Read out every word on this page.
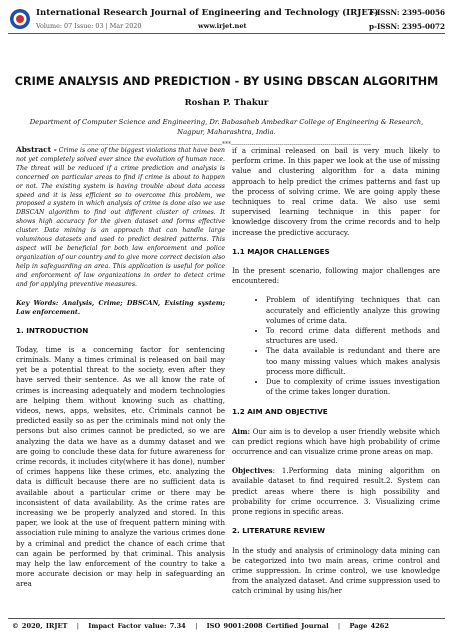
International Research Journal of Engineering and Technology (IRJET)
e-ISSN: 2395-0056
Volume: 07 Issue: 03 | Mar 2020	www.irjet.net	p-ISSN: 2395-0072
CRIME ANALYSIS AND PREDICTION - BY USING DBSCAN ALGORITHM
Roshan P. Thakur
Department of Computer Science and Engineering, Dr. Babasaheb Ambedkar College of Engineering & Research, Nagpur, Maharashtra, India.
---------------------------------------------------------------------***---------------------------------------------------------------------

Abstract - Crime is one of the biggest violations that have been not yet completely solved ever since the evolution of human race. The threat will be reduced if a crime prediction and analysis is concerned on particular areas to find if crime is about to happen or not. The existing system is having trouble about data access speed and it is less efficient so to overcome this problem, we proposed a system in which analysis of crime is done also we use DBSCAN algorithm to find out different cluster of crimes. It shows high accuracy for the given dataset and forms effective cluster. Data mining is an approach that can handle large voluminous datasets and used to predict desired patterns. This aspect will be beneficial for both law enforcement and police organization of our country and to give more correct decision also help in safeguarding an area. This application is useful for police and enforcement of law organizations in order to detect crime and for applying preventive measures.

Key Words: Analysis, Crime; DBSCAN, Existing system; Law enforcement.

1. INTRODUCTION

Today, time is a concerning factor for sentencing criminals. Many a times criminal is released on bail may yet be a potential threat to the society, even after they have served their sentence. As we all know the rate of crimes is increasing adequately and modern technologies are helping them without knowing such as chatting, videos, news, apps, websites, etc. Criminals cannot be predicted easily so as per the criminals mind not only the persons but also crimes cannot be predicted, so we are analyzing the data we have as a dummy dataset and we are going to conclude these data for future awareness for crime records, it includes city(where it has done), number of crimes happens like these crimes, etc. analyzing the data is difficult because there are no sufficient data is available about a particular crime or there may be inconsistent of data availability. As the crime rates are increasing we be properly analyzed and stored. In this paper, we look at the use of frequent pattern mining with association rule mining to analyze the various crimes done by a criminal and predict the chance of each crime that can again be performed by that criminal. This analysis may help the law enforcement of the country to take a more accurate decision or may help in safeguarding an area

if a criminal released on bail is very much likely to perform crime. In this paper we look at the use of missing value and clustering algorithm for a data mining approach to help predict the crimes patterns and fast up the process of solving crime. We are going apply these techniques to real crime data. We also use semi supervised learning technique in this paper for knowledge discovery from the crime records and to help increase the predictive accuracy.

1.1 MAJOR CHALLENGES

In the present scenario, following major challenges are encountered:

• Problem of identifying techniques that can accurately and efficiently analyze this growing volumes of crime data.
• To record crime data different methods and structures are used.
• The data available is redundant and there are too many missing values which makes analysis process more difficult.
• Due to complexity of crime issues investigation of the crime takes longer duration.
1.2 AIM AND OBJECTIVE

Aim: Our aim is to develop a user friendly website which can predict regions which have high probability of crime occurrence and can visualize crime prone areas on map.

Objectives: 1.Performing data mining algorithm on available dataset to find required result.2. System can predict areas where there is high possibility and probability for crime occurrence. 3. Visualizing crime prone regions in specific areas.

2. LITERATURE REVIEW

In the study and analysis of criminology data mining can be categorized into two main areas, crime control and crime suppression. In crime control, we use knowledge from the analyzed dataset. And crime suppression used to catch criminal by using his/her

© 2020, IRJET   |   Impact Factor value: 7.34   |   ISO 9001:2008 Certified Journal   |   Page 4262
